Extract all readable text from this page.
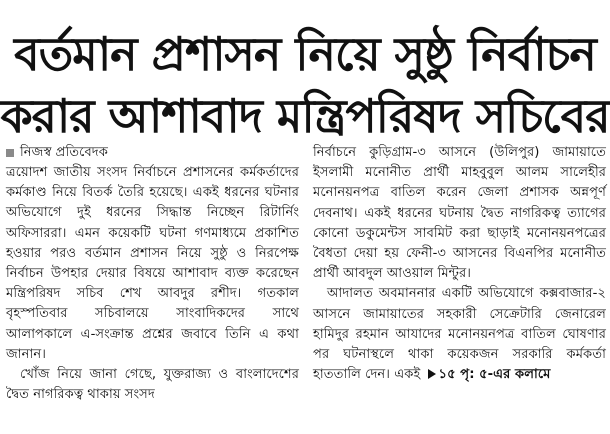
বর্তমান প্রশাসন নিয়ে সুষ্ঠু নির্বাচন
করার আশাবাদ মন্ত্রিপরিষদ সচিবের
নিজস্ব প্রতিবেদক

ত্রয়োদশ জাতীয় সংসদ নির্বাচনে প্রশাসনের কর্মকর্তাদের কর্মকাণ্ড নিয়ে বিতর্ক তৈরি হয়েছে। একই ধরনের ঘটনার অভিযোগে দুই ধরনের সিদ্ধান্ত নিচ্ছেন রিটার্নিং অফিসাররা। এমন কয়েকটি ঘটনা গণমাধ্যমে প্রকাশিত হওয়ার পরও বর্তমান প্রশাসন নিয়ে সুষ্ঠু ও নিরপেক্ষ নির্বাচন উপহার দেয়ার বিষয়ে আশাবাদ ব্যক্ত করেছেন মন্ত্রিপরিষদ সচিব শেখ আবদুর রশীদ। গতকাল বৃহস্পতিবার সচিবালয়ে সাংবাদিকদের সাথে আলাপকালে এ-সংক্রান্ত প্রশ্নের জবাবে তিনি এ কথা জানান।

খোঁজ নিয়ে জানা গেছে, যুক্তরাজ্য ও বাংলাদেশের দ্বৈত নাগরিকত্ব থাকায় সংসদ

নির্বাচনে কুড়িগ্রাম-৩ আসনে (উলিপুর) জামায়াতে ইসলামী মনোনীত প্রার্থী মাহবুবুল আলম সালেহীর মনোনয়নপত্র বাতিল করেন জেলা প্রশাসক অন্নপূর্ণ দেবনাথ। একই ধরনের ঘটনায় দ্বৈত নাগরিকত্ব ত্যাগের কোনো ডকুমেন্টস সাবমিট করা ছাড়াই মনোনয়নপত্রের বৈধতা দেয়া হয় ফেনী-৩ আসনের বিএনপির মনোনীত প্রার্থী আবদুল আওয়াল মিন্টুর।

আদালত অবমাননার একটি অভিযোগে কক্সবাজার-২ আসনে জামায়াতের সহকারী সেক্রেটারি জেনারেল হামিদুর রহমান আযাদের মনোনয়নপত্র বাতিল ঘোষণার পর ঘটনাস্থলে থাকা কয়েকজন সরকারি কর্মকর্তা হাততালি দেন। একই ১৫ পৃ: ৫-এর কলামে
